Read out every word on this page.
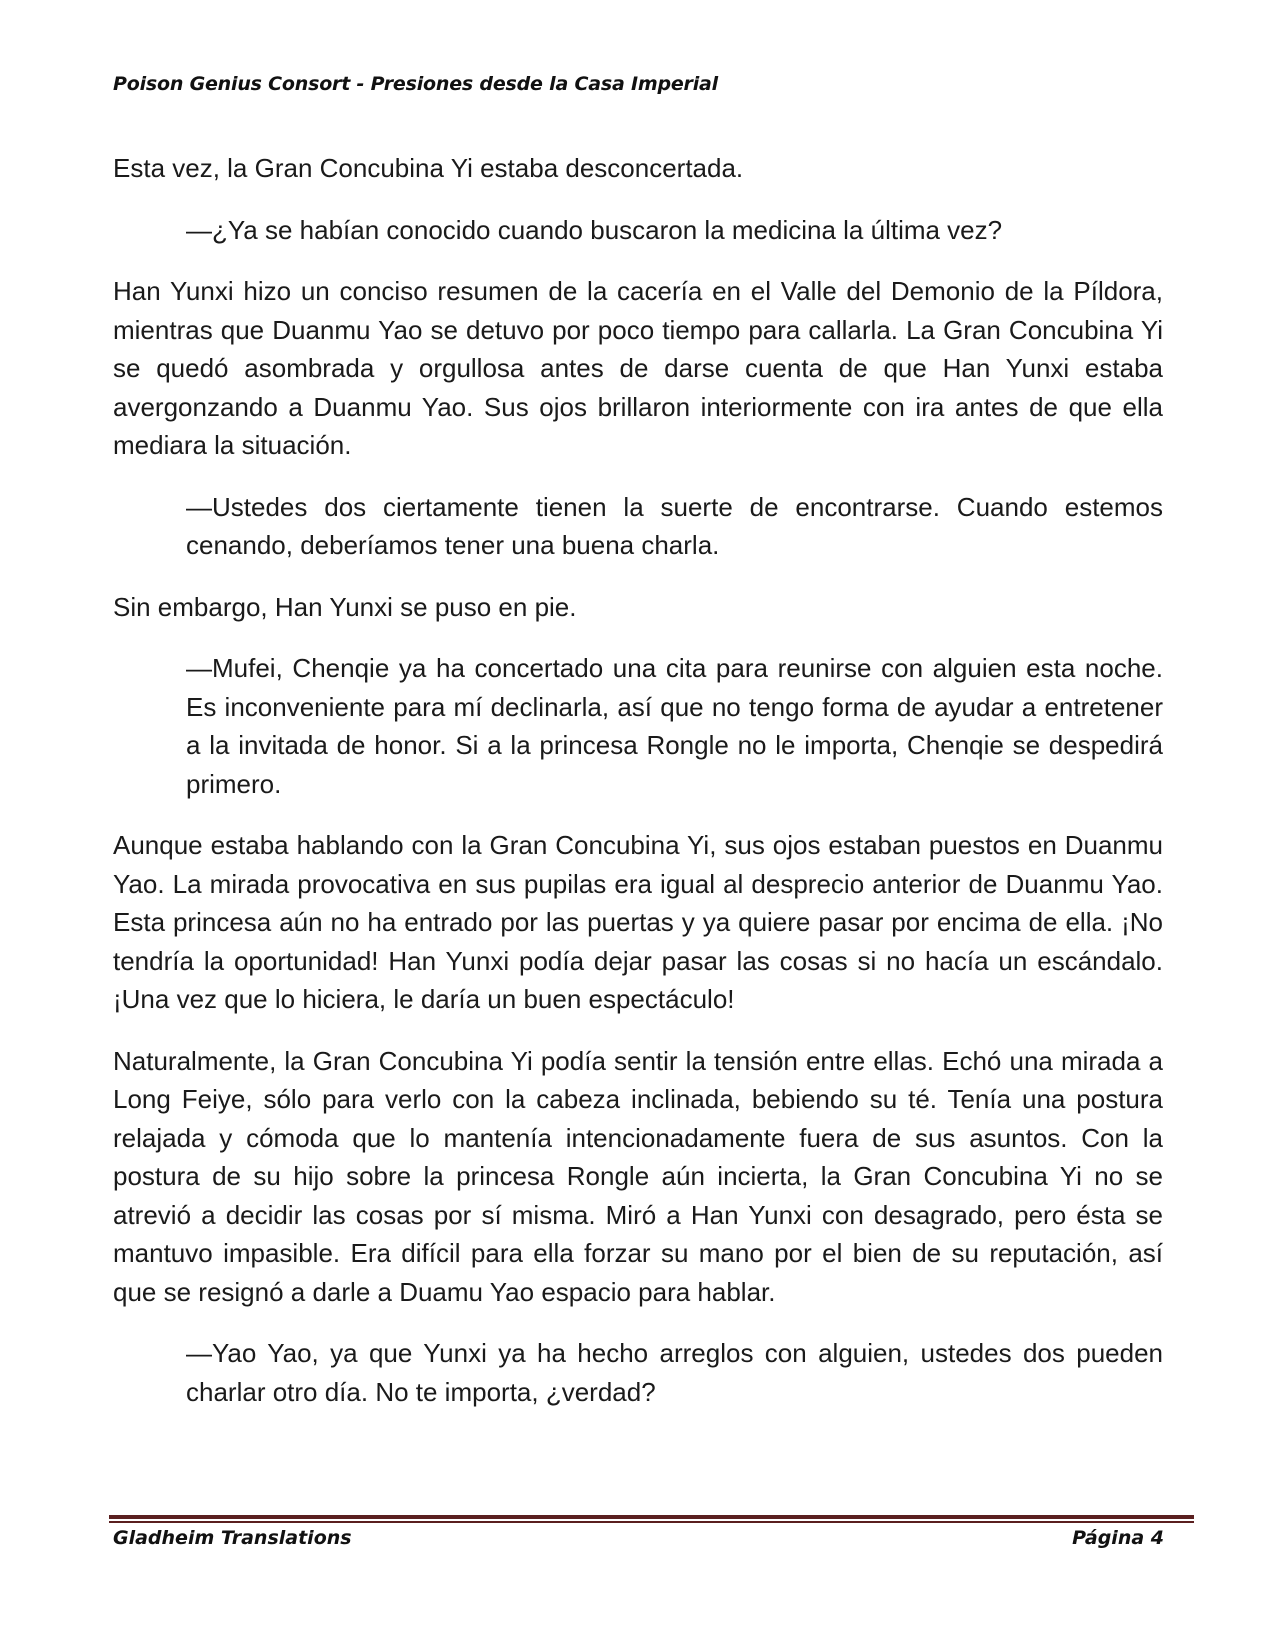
Poison Genius Consort - Presiones desde la Casa Imperial

Esta vez, la Gran Concubina Yi estaba desconcertada.

—¿Ya se habían conocido cuando buscaron la medicina la última vez?

Han Yunxi hizo un conciso resumen de la cacería en el Valle del Demonio de la Píldora, mientras que Duanmu Yao se detuvo por poco tiempo para callarla. La Gran Concubina Yi se quedó asombrada y orgullosa antes de darse cuenta de que Han Yunxi estaba avergonzando a Duanmu Yao. Sus ojos brillaron interiormente con ira antes de que ella mediara la situación.

—Ustedes dos ciertamente tienen la suerte de encontrarse. Cuando estemos cenando, deberíamos tener una buena charla.

Sin embargo, Han Yunxi se puso en pie.

—Mufei, Chenqie ya ha concertado una cita para reunirse con alguien esta noche. Es inconveniente para mí declinarla, así que no tengo forma de ayudar a entretener a la invitada de honor. Si a la princesa Rongle no le importa, Chenqie se despedirá primero.

Aunque estaba hablando con la Gran Concubina Yi, sus ojos estaban puestos en Duanmu Yao. La mirada provocativa en sus pupilas era igual al desprecio anterior de Duanmu Yao. Esta princesa aún no ha entrado por las puertas y ya quiere pasar por encima de ella. ¡No tendría la oportunidad! Han Yunxi podía dejar pasar las cosas si no hacía un escándalo. ¡Una vez que lo hiciera, le daría un buen espectáculo!

Naturalmente, la Gran Concubina Yi podía sentir la tensión entre ellas. Echó una mirada a Long Feiye, sólo para verlo con la cabeza inclinada, bebiendo su té. Tenía una postura relajada y cómoda que lo mantenía intencionadamente fuera de sus asuntos. Con la postura de su hijo sobre la princesa Rongle aún incierta, la Gran Concubina Yi no se atrevió a decidir las cosas por sí misma. Miró a Han Yunxi con desagrado, pero ésta se mantuvo impasible. Era difícil para ella forzar su mano por el bien de su reputación, así que se resignó a darle a Duamu Yao espacio para hablar.

—Yao Yao, ya que Yunxi ya ha hecho arreglos con alguien, ustedes dos pueden charlar otro día. No te importa, ¿verdad?

Gladheim Translations	Página 4
